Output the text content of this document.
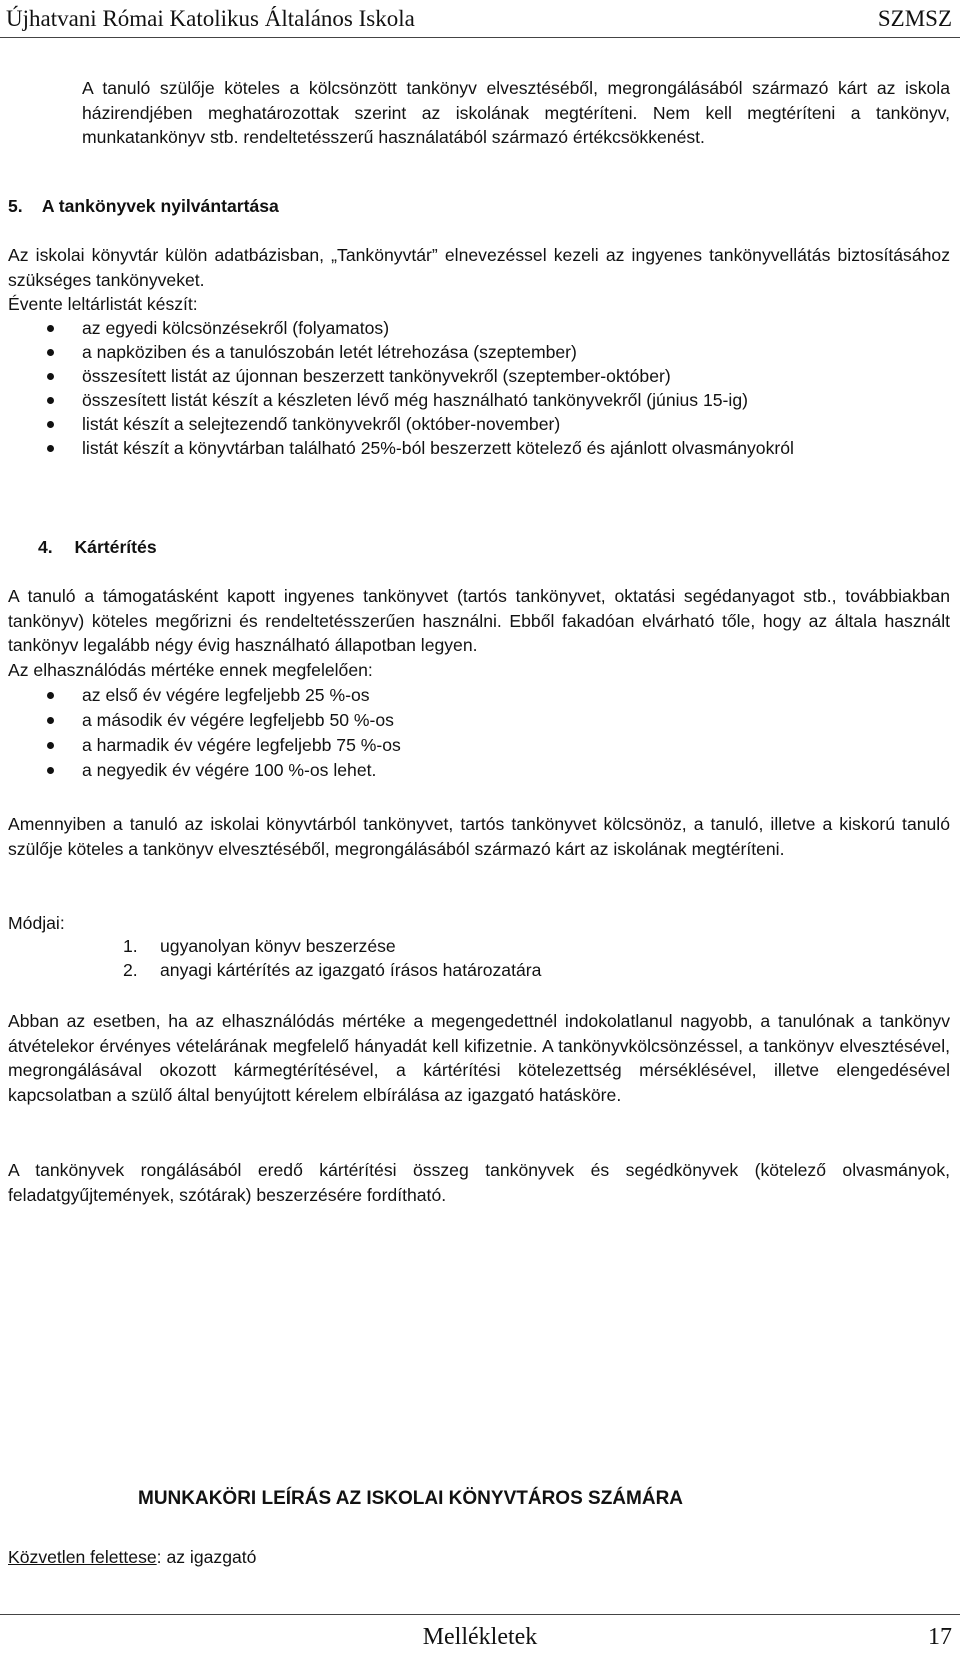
Újhatvani Római Katolikus Általános Iskola	SZMSZ
A tanuló szülője köteles a kölcsönzött tankönyv elvesztéséből, megrongálásából származó kárt az iskola házirendjében meghatározottak szerint az iskolának megtéríteni. Nem kell megtéríteni a tankönyv, munkatankönyv stb. rendeltetésszerű használatából származó értékcsökkenést.
5. A tankönyvek nyilvántartása
Az iskolai könyvtár külön adatbázisban, „Tankönyvtár” elnevezéssel kezeli az ingyenes tankönyvellátás biztosításához szükséges tankönyveket.
Évente leltárlistát készít:
az egyedi kölcsönzésekről (folyamatos)
a napköziben és a tanulószobán letét létrehozása (szeptember)
összesített listát az újonnan beszerzett tankönyvekről (szeptember-október)
összesített listát készít a készleten lévő még használható tankönyvekről (június 15-ig)
listát készít a selejtezendő tankönyvekről (október-november)
listát készít a könyvtárban található 25%-ból beszerzett kötelező és ajánlott olvasmányokról
4. Kártérítés
A tanuló a támogatásként kapott ingyenes tankönyvet (tartós tankönyvet, oktatási segédanyagot stb., továbbiakban tankönyv) köteles megőrizni és rendeltetésszerűen használni. Ebből fakadóan elvárható tőle, hogy az általa használt tankönyv legalább négy évig használható állapotban legyen.
Az elhasználódás mértéke ennek megfelelően:
az első év végére legfeljebb 25 %-os
a második év végére legfeljebb 50 %-os
a harmadik év végére legfeljebb 75 %-os
a negyedik év végére 100 %-os lehet.
Amennyiben a tanuló az iskolai könyvtárból tankönyvet, tartós tankönyvet kölcsönöz, a tanuló, illetve a kiskorú tanuló szülője köteles a tankönyv elvesztéséből, megrongálásából származó kárt az iskolának megtéríteni.
Módjai:
1. ugyanolyan könyv beszerzése
2. anyagi kártérítés az igazgató írásos határozatára
Abban az esetben, ha az elhasználódás mértéke a megengedettnél indokolatlanul nagyobb, a tanulónak a tankönyv átvételekor érvényes vételárának megfelelő hányadát kell kifizetnie. A tankönyvkölcsönzéssel, a tankönyv elvesztésével, megrongálásával okozott kármegtérítésével, a kártérítési kötelezettség mérséklésével, illetve elengedésével kapcsolatban a szülő által benyújtott kérelem elbírálása az igazgató hatásköre.
A tankönyvek rongálásából eredő kártérítési összeg tankönyvek és segédkönyvek (kötelező olvasmányok, feladatgyűjtemények, szótárak) beszerzésére fordítható.
MUNKAKÖRI LEÍRÁS AZ ISKOLAI KÖNYVTÁROS SZÁMÁRA
Közvetlen felettese: az igazgató
Mellékletek	17
